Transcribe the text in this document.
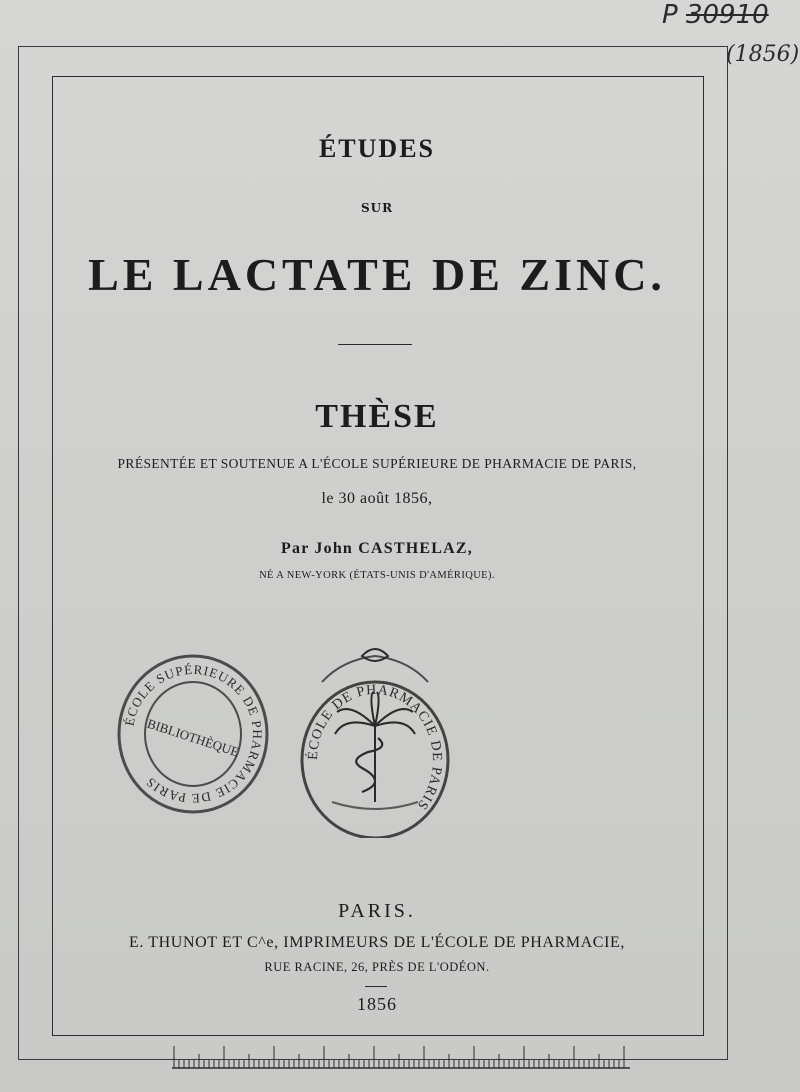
P 30910
(1856)
ÉTUDES
SUR
LE LACTATE DE ZINC.
THÈSE
PRÉSENTÉE ET SOUTENUE A L'ÉCOLE SUPÉRIEURE DE PHARMACIE DE PARIS,
le 30 août 1856,
Par John CASTHELAZ,
NÉ A NEW-YORK (ÉTATS-UNIS D'AMÉRIQUE).
ÉCOLE SUPÉRIEURE DE PHARMACIE DE PARIS
BIBLIOTHÈQUE	ÉCOLE DE PHARMACIE DE PARIS
PARIS.
E. THUNOT ET C^e, IMPRIMEURS DE L'ÉCOLE DE PHARMACIE,
RUE RACINE, 26, PRÈS DE L'ODÉON.
1856
